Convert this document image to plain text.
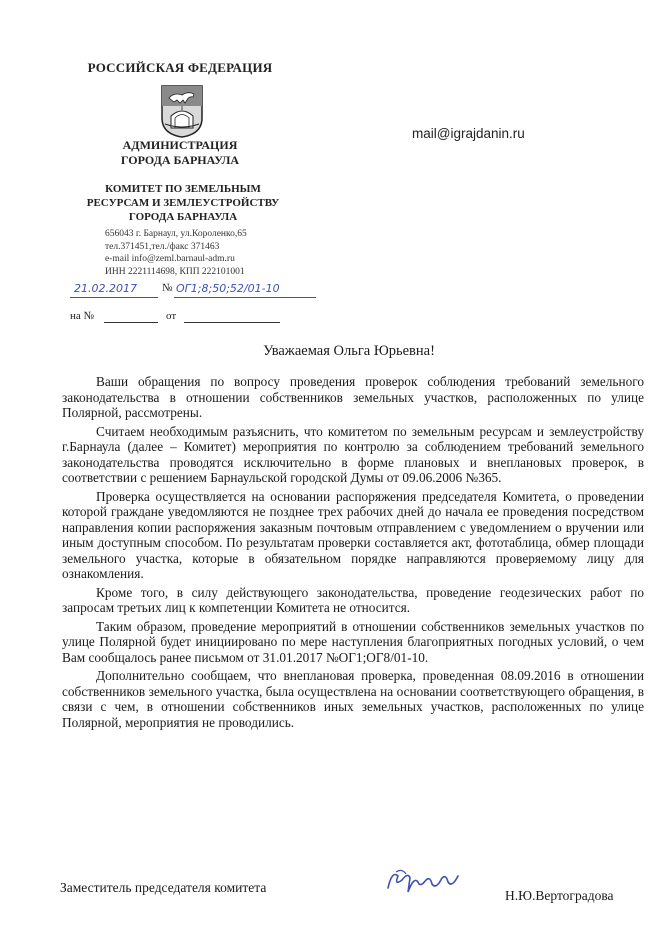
РОССИЙСКАЯ ФЕДЕРАЦИЯ
АДМИНИСТРАЦИЯ
ГОРОДА БАРНАУЛА
КОМИТЕТ ПО ЗЕМЕЛЬНЫМ
РЕСУРСАМ И ЗЕМЛЕУСТРОЙСТВУ
ГОРОДА БАРНАУЛА
656043 г. Барнаул, ул.Короленко,65
тел.371451,тел./факс 371463
e-mail info@zeml.barnaul-adm.ru
ИНН 2221114698, КПП 222101001
mail@igrajdanin.ru
21.02.2017 № ОГ1;8;50;52/01-10
на №	от
Уважаемая Ольга Юрьевна!

Ваши обращения по вопросу проведения проверок соблюдения требований земельного законодательства в отношении собственников земельных участков, расположенных по улице Полярной, рассмотрены.

Считаем необходимым разъяснить, что комитетом по земельным ресурсам и землеустройству г.Барнаула (далее – Комитет) мероприятия по контролю за соблюдением требований земельного законодательства проводятся исключительно в форме плановых и внеплановых проверок, в соответствии с решением Барнаульской городской Думы от 09.06.2006 №365.

Проверка осуществляется на основании распоряжения председателя Комитета, о проведении которой граждане уведомляются не позднее трех рабочих дней до начала ее проведения посредством направления копии распоряжения заказным почтовым отправлением с уведомлением о вручении или иным доступным способом. По результатам проверки составляется акт, фототаблица, обмер площади земельного участка, которые в обязательном порядке направляются проверяемому лицу для ознакомления.

Кроме того, в силу действующего законодательства, проведение геодезических работ по запросам третьих лиц к компетенции Комитета не относится.

Таким образом, проведение мероприятий в отношении собственников земельных участков по улице Полярной будет инициировано по мере наступления благоприятных погодных условий, о чем Вам сообщалось ранее письмом от 31.01.2017 №ОГ1;ОГ8/01-10.

Дополнительно сообщаем, что внеплановая проверка, проведенная 08.09.2016 в отношении собственников земельного участка, была осуществлена на основании соответствующего обращения, в связи с чем, в отношении собственников иных земельных участков, расположенных по улице Полярной, мероприятия не проводились.

Заместитель председателя комитета
Н.Ю.Вертоградова
